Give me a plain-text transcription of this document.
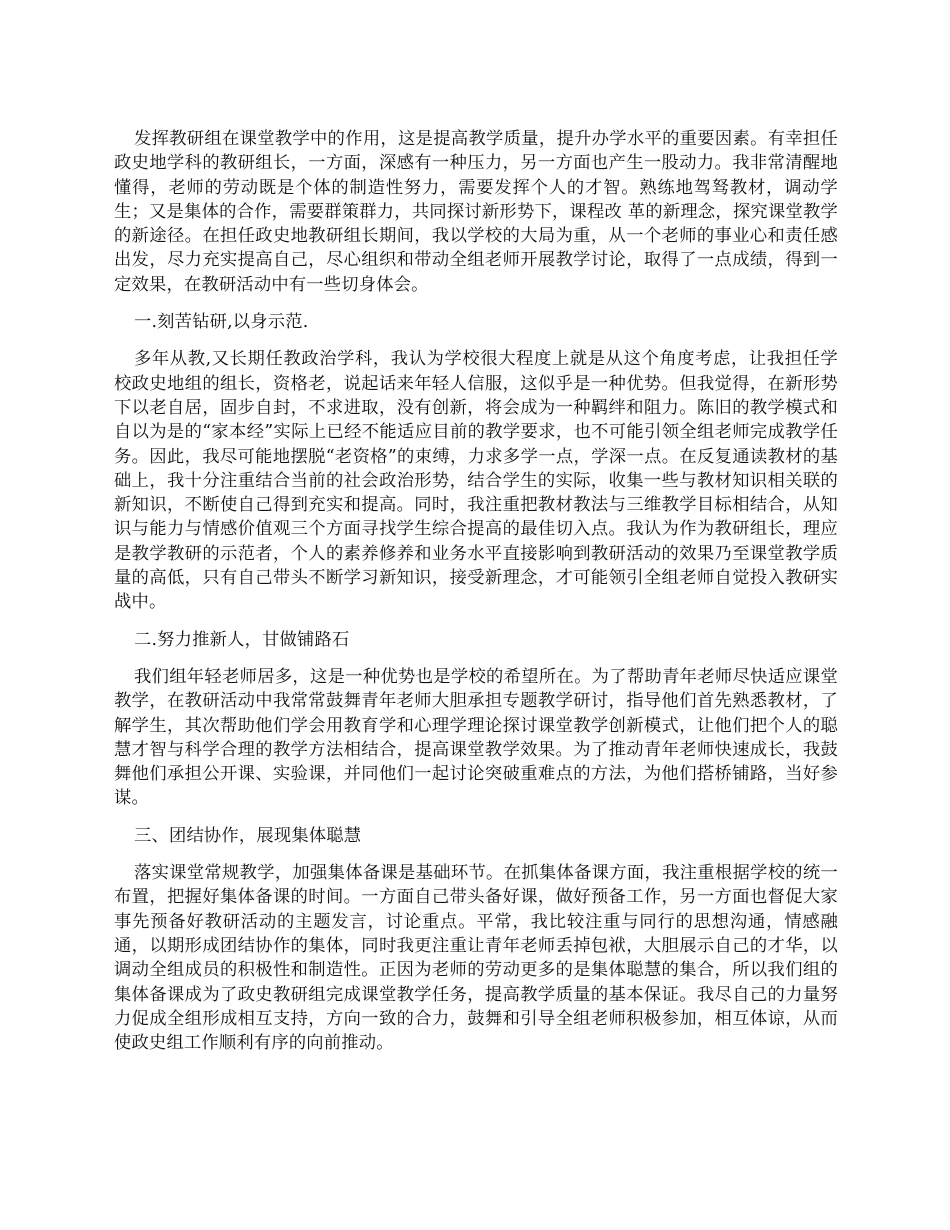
发挥教研组在课堂教学中的作用，这是提高教学质量，提升办学水平的重要因素。有幸担任政史地学科的教研组长，一方面，深感有一种压力，另一方面也产生一股动力。我非常清醒地懂得，老师的劳动既是个体的制造性努力，需要发挥个人的才智。熟练地驾驽教材，调动学生；又是集体的合作，需要群策群力，共同探讨新形势下，课程改 革的新理念，探究课堂教学的新途径。在担任政史地教研组长期间，我以学校的大局为重，从一个老师的事业心和责任感出发，尽力充实提高自己，尽心组织和带动全组老师开展教学讨论，取得了一点成绩，得到一定效果，在教研活动中有一些切身体会。

一.刻苦钻研,以身示范.

多年从教,又长期任教政治学科，我认为学校很大程度上就是从这个角度考虑，让我担任学校政史地组的组长，资格老，说起话来年轻人信服，这似乎是一种优势。但我觉得，在新形势下以老自居，固步自封，不求进取，没有创新，将会成为一种羁绊和阻力。陈旧的教学模式和自以为是的“家本经”实际上已经不能适应目前的教学要求，也不可能引领全组老师完成教学任务。因此，我尽可能地摆脱“老资格”的束缚，力求多学一点，学深一点。在反复通读教材的基础上，我十分注重结合当前的社会政治形势，结合学生的实际，收集一些与教材知识相关联的新知识，不断使自己得到充实和提高。同时，我注重把教材教法与三维教学目标相结合，从知识与能力与情感价值观三个方面寻找学生综合提高的最佳切入点。我认为作为教研组长，理应是教学教研的示范者，个人的素养修养和业务水平直接影响到教研活动的效果乃至课堂教学质量的高低，只有自己带头不断学习新知识，接受新理念，才可能领引全组老师自觉投入教研实战中。

二.努力推新人，甘做铺路石

我们组年轻老师居多，这是一种优势也是学校的希望所在。为了帮助青年老师尽快适应课堂教学，在教研活动中我常常鼓舞青年老师大胆承担专题教学研讨，指导他们首先熟悉教材，了解学生，其次帮助他们学会用教育学和心理学理论探讨课堂教学创新模式，让他们把个人的聪慧才智与科学合理的教学方法相结合，提高课堂教学效果。为了推动青年老师快速成长，我鼓舞他们承担公开课、实验课，并同他们一起讨论突破重难点的方法，为他们搭桥铺路，当好参谋。

三、团结协作，展现集体聪慧

落实课堂常规教学，加强集体备课是基础环节。在抓集体备课方面，我注重根据学校的统一布置，把握好集体备课的时间。一方面自己带头备好课，做好预备工作，另一方面也督促大家事先预备好教研活动的主题发言，讨论重点。平常，我比较注重与同行的思想沟通，情感融通，以期形成团结协作的集体，同时我更注重让青年老师丢掉包袱，大胆展示自己的才华，以调动全组成员的积极性和制造性。正因为老师的劳动更多的是集体聪慧的集合，所以我们组的集体备课成为了政史教研组完成课堂教学任务，提高教学质量的基本保证。我尽自己的力量努力促成全组形成相互支持，方向一致的合力，鼓舞和引导全组老师积极参加，相互体谅，从而使政史组工作顺利有序的向前推动。
